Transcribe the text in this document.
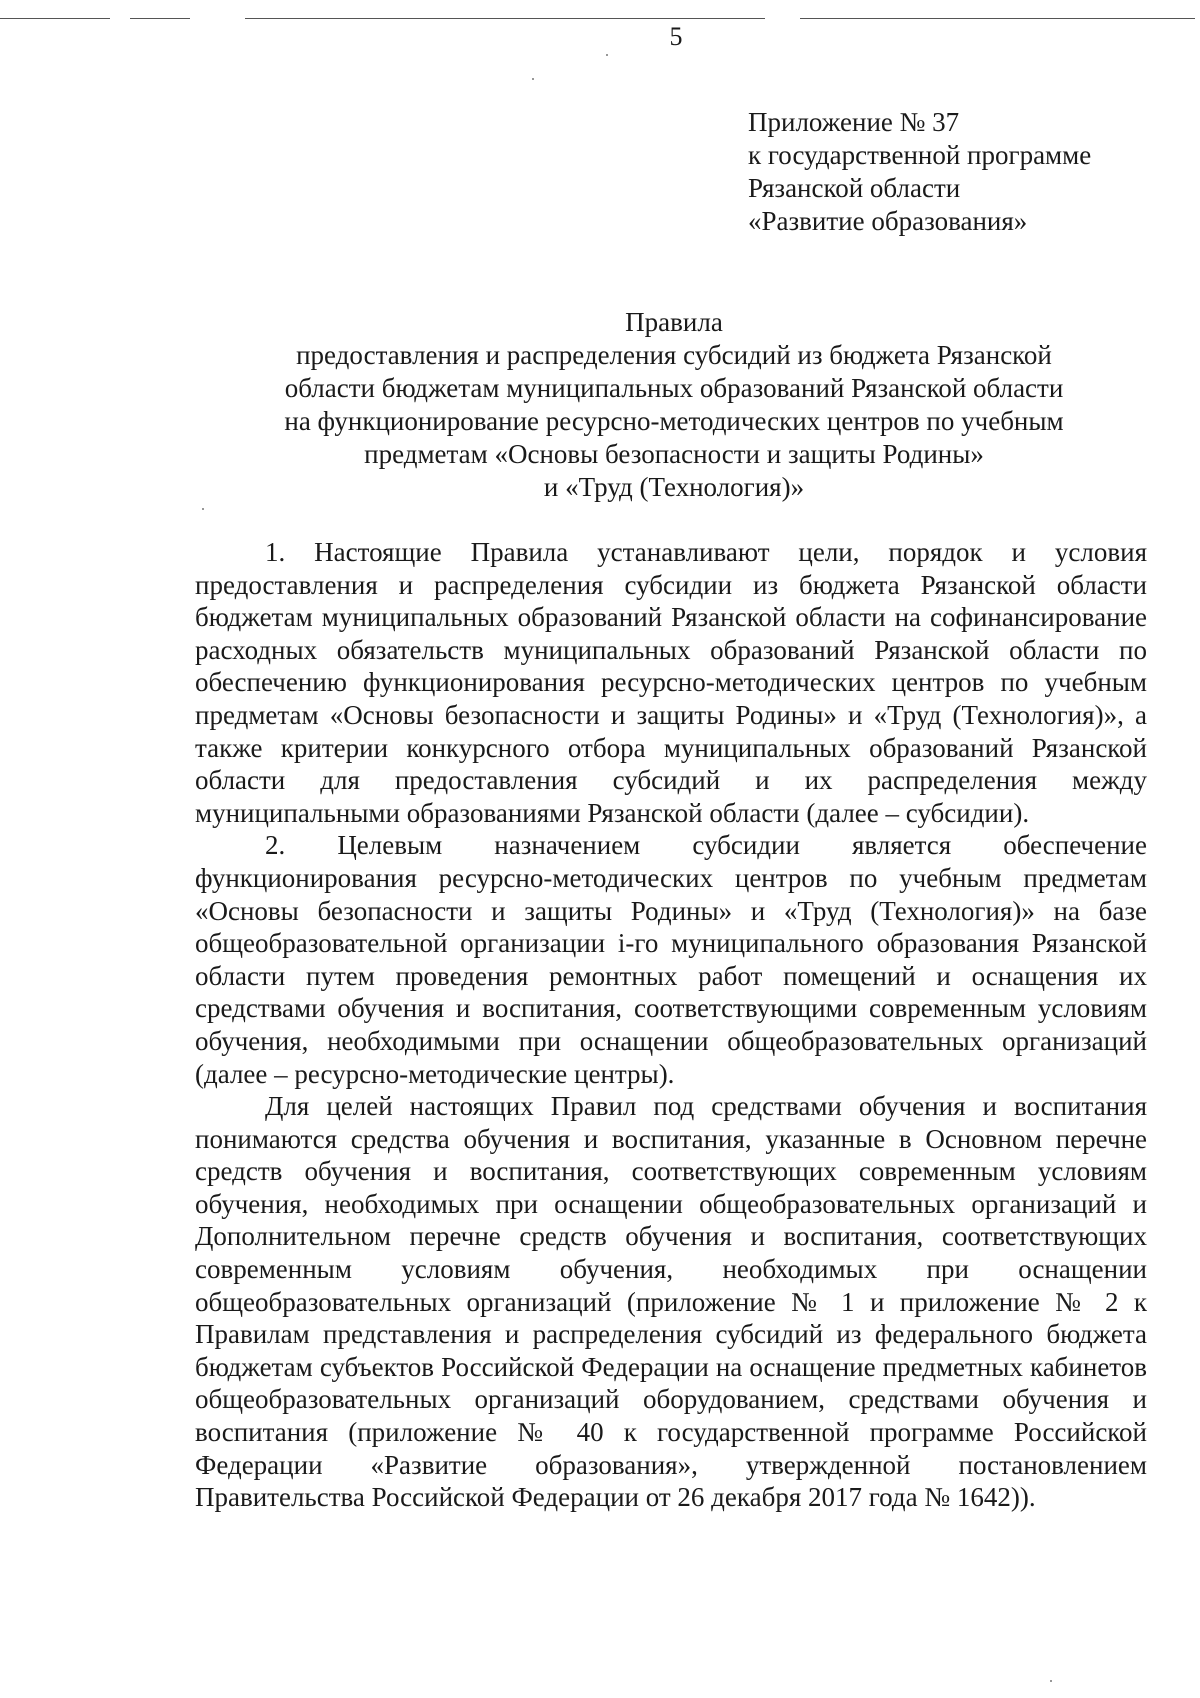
5
Приложение № 37
к государственной программе
Рязанской области
«Развитие образования»
Правила
предоставления и распределения субсидий из бюджета Рязанской
области бюджетам муниципальных образований Рязанской области
на функционирование ресурсно-методических центров по учебным
предметам «Основы безопасности и защиты Родины»
и «Труд (Технология)»

1. Настоящие Правила устанавливают цели, порядок и условия предоставления и распределения субсидии из бюджета Рязанской области бюджетам муниципальных образований Рязанской области на софинансирование расходных обязательств муниципальных образований Рязанской области по обеспечению функционирования ресурсно-методических центров по учебным предметам «Основы безопасности и защиты Родины» и «Труд (Технология)», а также критерии конкурсного отбора муниципальных образований Рязанской области для предоставления субсидий и их распределения между муниципальными образованиями Рязанской области (далее – субсидии).

2. Целевым назначением субсидии является обеспечение функционирования ресурсно-методических центров по учебным предметам «Основы безопасности и защиты Родины» и «Труд (Технология)» на базе общеобразовательной организации i-го муниципального образования Рязанской области путем проведения ремонтных работ помещений и оснащения их средствами обучения и воспитания, соответствующими современным условиям обучения, необходимыми при оснащении общеобразовательных организаций (далее – ресурсно-методические центры).

Для целей настоящих Правил под средствами обучения и воспитания понимаются средства обучения и воспитания, указанные в Основном перечне средств обучения и воспитания, соответствующих современным условиям обучения, необходимых при оснащении общеобразовательных организаций и Дополнительном перечне средств обучения и воспитания, соответствующих современным условиям обучения, необходимых при оснащении общеобразовательных организаций (приложение № 1 и приложение № 2 к Правилам представления и распределения субсидий из федерального бюджета бюджетам субъектов Российской Федерации на оснащение предметных кабинетов общеобразовательных организаций оборудованием, средствами обучения и воспитания (приложение № 40 к государственной программе Российской Федерации «Развитие образования», утвержденной постановлением Правительства Российской Федерации от 26 декабря 2017 года № 1642)).
